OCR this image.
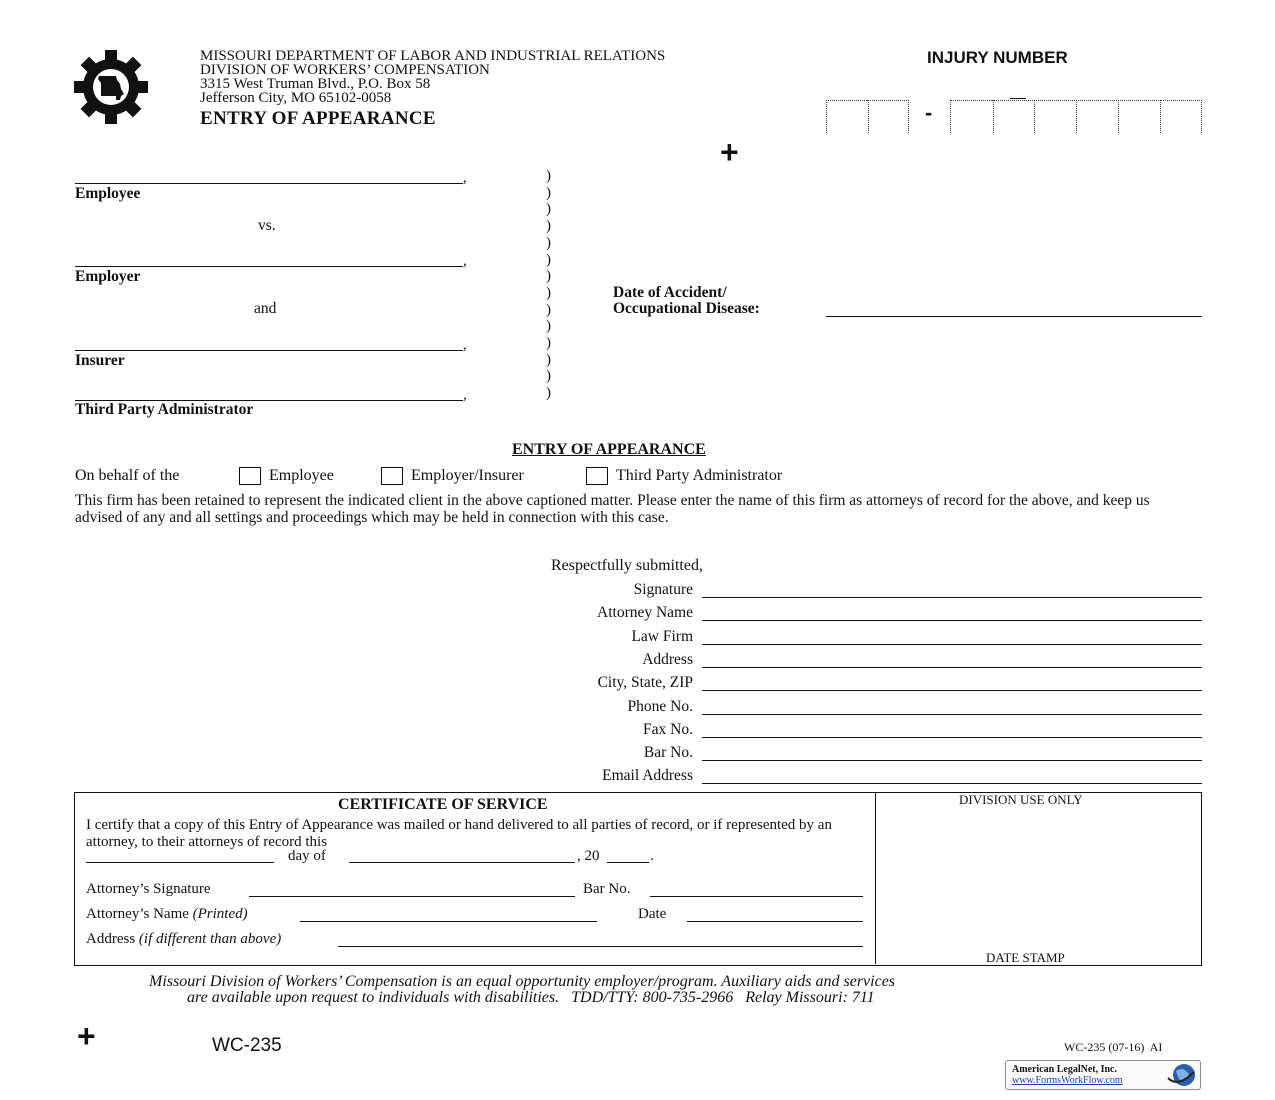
MISSOURI DEPARTMENT OF LABOR AND INDUSTRIAL RELATIONS
DIVISION OF WORKERS’ COMPENSATION
3315 West Truman Blvd., P.O. Box 58
Jefferson City, MO 65102-0058
ENTRY OF APPEARANCE
INJURY NUMBER
-
+
,
Employee
vs.
,
Employer
and
,
Insurer
,
Third Party Administrator
)
)
)
)
)
)
)
)
)
)
)
)
)
)
Date of Accident/
Occupational Disease:
ENTRY OF APPEARANCE
On behalf of the	Employee	Employer/Insurer	Third Party Administrator
This firm has been retained to represent the indicated client in the above captioned matter. Please enter the name of this firm as attorneys of record for the above, and keep us advised of any and all settings and proceedings which may be held in connection with this case.
Respectfully submitted,
Signature
Attorney Name
Law Firm
Address
City, State, ZIP
Phone No.
Fax No.
Bar No.
Email Address
CERTIFICATE OF SERVICE
I certify that a copy of this Entry of Appearance was mailed or hand delivered to all parties of record, or if represented by an attorney, to their attorneys of record this
day of	, 20	.
Attorney’s Signature	Bar No.
Attorney’s Name (Printed)	Date
Address (if different than above)
DIVISION USE ONLY
DATE STAMP
Missouri Division of Workers’ Compensation is an equal opportunity employer/program. Auxiliary aids and services
are available upon request to individuals with disabilities.   TDD/TTY: 800-735-2966   Relay Missouri: 711
+	WC-235	WC-235 (07-16)  AI
American LegalNet, Inc.
www.FormsWorkFlow.com
